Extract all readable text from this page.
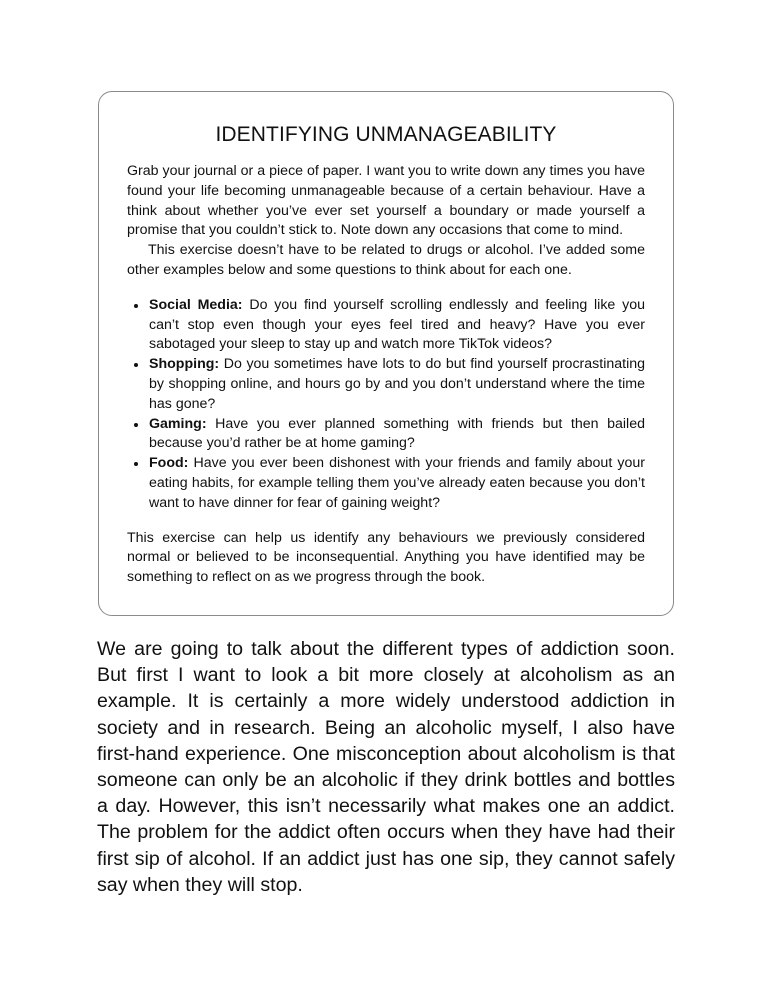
IDENTIFYING UNMANAGEABILITY

Grab your journal or a piece of paper. I want you to write down any times you have found your life becoming unmanageable because of a certain behaviour. Have a think about whether you’ve ever set yourself a boundary or made yourself a promise that you couldn’t stick to. Note down any occasions that come to mind.

This exercise doesn’t have to be related to drugs or alcohol. I’ve added some other examples below and some questions to think about for each one.

• Social Media: Do you find yourself scrolling endlessly and feeling like you can’t stop even though your eyes feel tired and heavy? Have you ever sabotaged your sleep to stay up and watch more TikTok videos?
• Shopping: Do you sometimes have lots to do but find yourself procrastinating by shopping online, and hours go by and you don’t understand where the time has gone?
• Gaming: Have you ever planned something with friends but then bailed because you’d rather be at home gaming?
• Food: Have you ever been dishonest with your friends and family about your eating habits, for example telling them you’ve already eaten because you don’t want to have dinner for fear of gaining weight?

This exercise can help us identify any behaviours we previously considered normal or believed to be inconsequential. Anything you have identified may be something to reflect on as we progress through the book.

We are going to talk about the different types of addiction soon. But first I want to look a bit more closely at alcoholism as an example. It is certainly a more widely understood addiction in society and in research. Being an alcoholic myself, I also have first-hand experience. One misconception about alcoholism is that someone can only be an alcoholic if they drink bottles and bottles a day. However, this isn’t necessarily what makes one an addict. The problem for the addict often occurs when they have had their first sip of alcohol. If an addict just has one sip, they cannot safely say when they will stop.
